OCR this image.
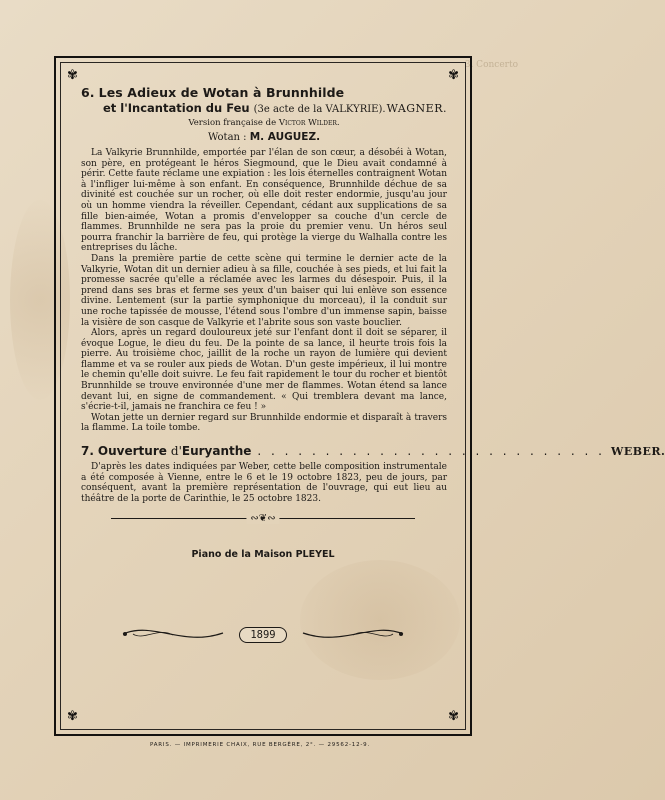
3. Concerto
✾	✾
✾	✾
6. Les Adieux de Wotan à Brunnhilde
et l'Incantation du Feu (3e acte de la VALKYRIE). WAGNER.
Version française de Victor Wilder.
Wotan : M. AUGUEZ.

La Valkyrie Brunnhilde, emportée par l'élan de son cœur, a désobéi à Wotan, son père, en protégeant le héros Siegmound, que le Dieu avait condamné à périr. Cette faute réclame une expiation : les lois éternelles contraignent Wotan à l'infliger lui-même à son enfant. En conséquence, Brunnhilde déchue de sa divinité est couchée sur un rocher, où elle doit rester endormie, jusqu'au jour où un homme viendra la réveiller. Cependant, cédant aux supplications de sa fille bien-aimée, Wotan a promis d'envelopper sa couche d'un cercle de flammes. Brunnhilde ne sera pas la proie du premier venu. Un héros seul pourra franchir la barrière de feu, qui protège la vierge du Walhalla contre les entreprises du lâche.

Dans la première partie de cette scène qui termine le dernier acte de la Valkyrie, Wotan dit un dernier adieu à sa fille, couchée à ses pieds, et lui fait la promesse sacrée qu'elle a réclamée avec les larmes du désespoir. Puis, il la prend dans ses bras et ferme ses yeux d'un baiser qui lui enlève son essence divine. Lentement (sur la partie symphonique du morceau), il la conduit sur une roche tapissée de mousse, l'étend sous l'ombre d'un immense sapin, baisse la visière de son casque de Valkyrie et l'abrite sous son vaste bouclier.

Alors, après un regard douloureux jeté sur l'enfant dont il doit se séparer, il évoque Logue, le dieu du feu. De la pointe de sa lance, il heurte trois fois la pierre. Au troisième choc, jaillit de la roche un rayon de lumière qui devient flamme et va se rouler aux pieds de Wotan. D'un geste impérieux, il lui montre le chemin qu'elle doit suivre. Le feu fait rapidement le tour du rocher et bientôt Brunnhilde se trouve environnée d'une mer de flammes. Wotan étend sa lance devant lui, en signe de commandement. « Qui tremblera devant ma lance, s'écrie-t-il, jamais ne franchira ce feu ! »

Wotan jette un dernier regard sur Brunnhilde endormie et disparaît à travers la flamme. La toile tombe.

7. Ouverture d' Euryanthe . . . . . . . . . . . . . . . . . . . . . . . . . . WEBER.

D'après les dates indiquées par Weber, cette belle composition instrumentale a été composée à Vienne, entre le 6 et le 19 octobre 1823, peu de jours, par conséquent, avant la première représentation de l'ouvrage, qui eut lieu au théâtre de la porte de Carinthie, le 25 octobre 1823.

∾❦∾
Piano de la Maison PLEYEL
1899
PARIS. — IMPRIMERIE CHAIX, RUE BERGÈRE, 2°. — 29562-12-9.
